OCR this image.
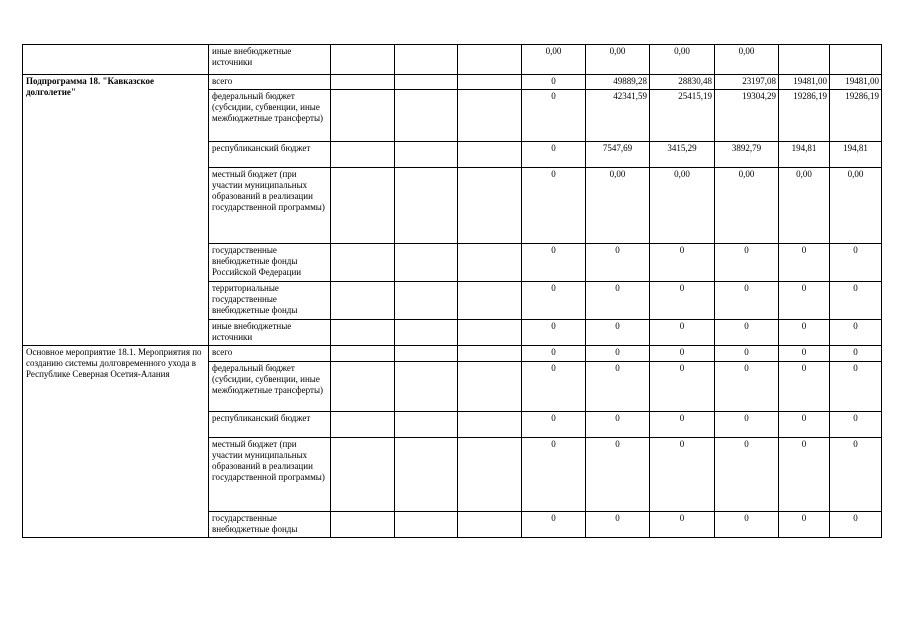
	иные внебюджетные источники				0,00	0,00	0,00	0,00		
Подпрограмма 18. "Кавказское долголетие"	всего				0	49889,28	28830,48	23197,08	19481,00	19481,00
	федеральный бюджет (субсидии, субвенции, иные межбюджетные трансферты)				0	42341,59	25415,19	19304,29	19286,19	19286,19
	республиканский бюджет				0	7547,69	3415,29	3892,79	194,81	194,81
	местный бюджет (при участии муниципальных образований в реализации государственной программы)				0	0,00	0,00	0,00	0,00	0,00
	государственные внебюджетные фонды Российской Федерации				0	0	0	0	0	0
	территориальные государственные внебюджетные фонды				0	0	0	0	0	0
	иные внебюджетные источники				0	0	0	0	0	0
Основное мероприятие 18.1. Мероприятия по созданию системы долговременного ухода в Республике Северная Осетия-Алания	всего				0	0	0	0	0	0
	федеральный бюджет (субсидии, субвенции, иные межбюджетные трансферты)				0	0	0	0	0	0
	республиканский бюджет				0	0	0	0	0	0
	местный бюджет (при участии муниципальных образований в реализации государственной программы)				0	0	0	0	0	0
	государственные внебюджетные фонды				0	0	0	0	0	0
